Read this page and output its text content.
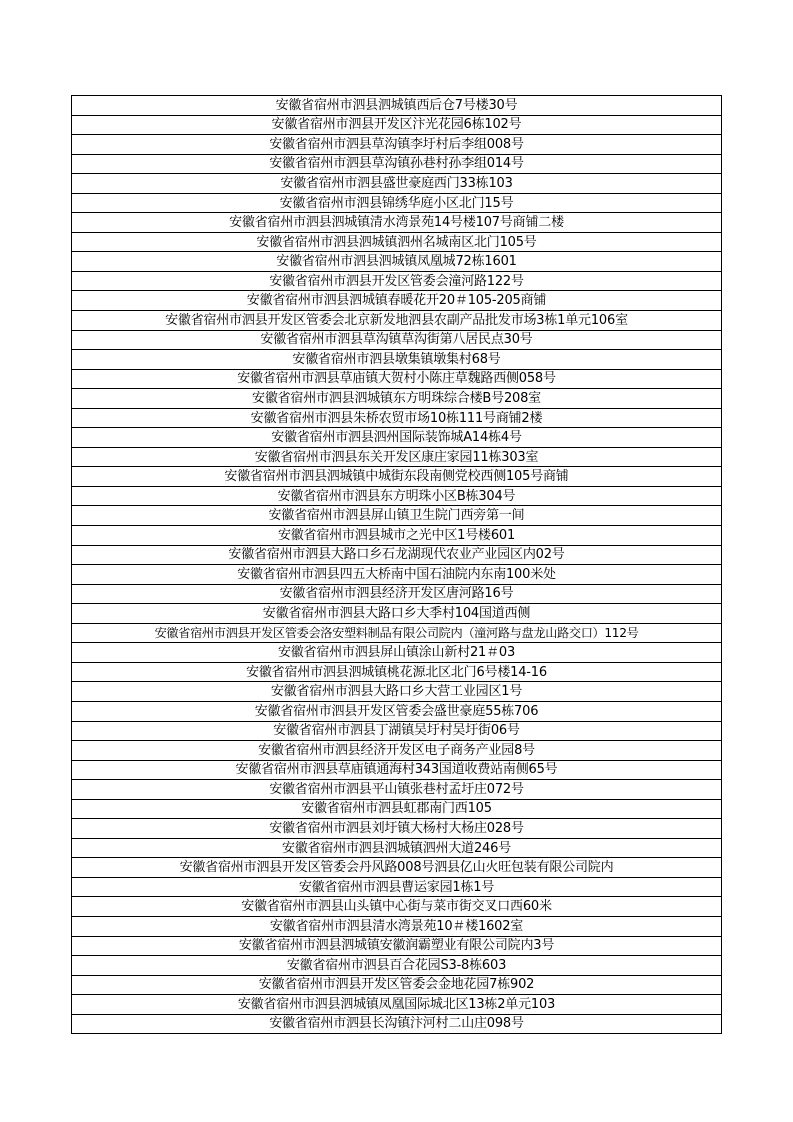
安徽省宿州市泗县泗城镇西后仓7号楼30号
安徽省宿州市泗县开发区汴光花园6栋102号
安徽省宿州市泗县草沟镇李圩村后李组008号
安徽省宿州市泗县草沟镇孙巷村孙李组014号
安徽省宿州市泗县盛世豪庭西门33栋103
安徽省宿州市泗县锦绣华庭小区北门15号
安徽省宿州市泗县泗城镇清水湾景苑14号楼107号商铺二楼
安徽省宿州市泗县泗城镇泗州名城南区北门105号
安徽省宿州市泗县泗城镇凤凰城72栋1601
安徽省宿州市泗县开发区管委会潼河路122号
安徽省宿州市泗县泗城镇春暖花开20＃105-205商铺
安徽省宿州市泗县开发区管委会北京新发地泗县农副产品批发市场3栋1单元106室
安徽省宿州市泗县草沟镇草沟街第八居民点30号
安徽省宿州市泗县墩集镇墩集村68号
安徽省宿州市泗县草庙镇大贺村小陈庄草魏路西侧058号
安徽省宿州市泗县泗城镇东方明珠综合楼B号208室
安徽省宿州市泗县朱桥农贸市场10栋111号商铺2楼
安徽省宿州市泗县泗州国际装饰城A14栋4号
安徽省宿州市泗县东关开发区康庄家园11栋303室
安徽省宿州市泗县泗城镇中城街东段南侧党校西侧105号商铺
安徽省宿州市泗县东方明珠小区B栋304号
安徽省宿州市泗县屏山镇卫生院门西旁第一间
安徽省宿州市泗县城市之光中区1号楼601
安徽省宿州市泗县大路口乡石龙湖现代农业产业园区内02号
安徽省宿州市泗县四五大桥南中国石油院内东南100米处
安徽省宿州市泗县经济开发区唐河路16号
安徽省宿州市泗县大路口乡大季村104国道西侧
安徽省宿州市泗县开发区管委会洛安塑料制品有限公司院内（潼河路与盘龙山路交口）112号
安徽省宿州市泗县屏山镇涂山新村21＃03
安徽省宿州市泗县泗城镇桃花源北区北门6号楼14-16
安徽省宿州市泗县大路口乡大营工业园区1号
安徽省宿州市泗县开发区管委会盛世豪庭55栋706
安徽省宿州市泗县丁湖镇吴圩村吴圩街06号
安徽省宿州市泗县经济开发区电子商务产业园8号
安徽省宿州市泗县草庙镇通海村343国道收费站南侧65号
安徽省宿州市泗县平山镇张巷村孟圩庄072号
安徽省宿州市泗县虹郡南门西105
安徽省宿州市泗县刘圩镇大杨村大杨庄028号
安徽省宿州市泗县泗城镇泗州大道246号
安徽省宿州市泗县开发区管委会丹风路008号泗县亿山火旺包装有限公司院内
安徽省宿州市泗县曹运家园1栋1号
安徽省宿州市泗县山头镇中心街与菜市街交叉口西60米
安徽省宿州市泗县清水湾景苑10＃楼1602室
安徽省宿州市泗县泗城镇安徽润霸塑业有限公司院内3号
安徽省宿州市泗县百合花园S3-8栋603
安徽省宿州市泗县开发区管委会金地花园7栋902
安徽省宿州市泗县泗城镇凤凰国际城北区13栋2单元103
安徽省宿州市泗县长沟镇汴河村二山庄098号
